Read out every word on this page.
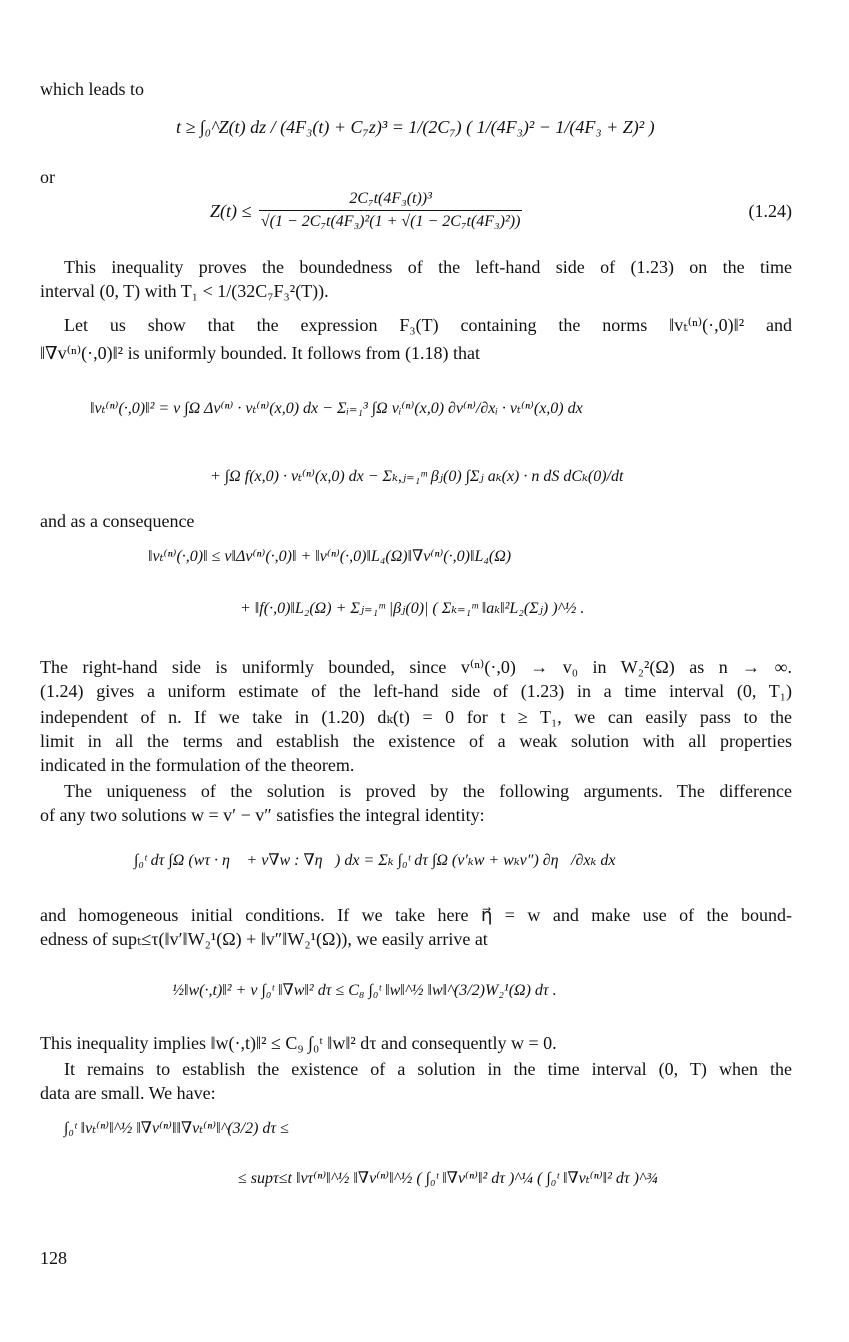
which leads to
t ≥ ∫₀^Z(t) dz / (4F₃(t) + C₇z)³ = 1/(2C₇) ( 1/(4F₃)² − 1/(4F₃ + Z)² )
or
$Z(t) \le \frac{\text{2C₇t(4F₃(t))³}}{\text{√(1 − 2C₇t(4F₃)²(1 + √(1 − 2C₇t(4F₃)²))}}$	(1.24)
This inequality proves the boundedness of the left-hand side of (1.23) on the time
interval (0, T) with T₁ < 1/(32C₇F₃²(T)).
Let us show that the expression F₃(T) containing the norms ‖vₜ⁽ⁿ⁾(·,0)‖² and
‖∇v⁽ⁿ⁾(·,0)‖² is uniformly bounded. It follows from (1.18) that
‖vₜ⁽ⁿ⁾(·,0)‖² = ν ∫Ω Δv⁽ⁿ⁾ · vₜ⁽ⁿ⁾(x,0) dx − Σᵢ₌₁³ ∫Ω vᵢ⁽ⁿ⁾(x,0) ∂v⁽ⁿ⁾/∂xᵢ · vₜ⁽ⁿ⁾(x,0) dx
+ ∫Ω f(x,0) · vₜ⁽ⁿ⁾(x,0) dx − Σₖ,ⱼ₌₁ᵐ βⱼ(0) ∫Σⱼ aₖ(x) · n dS dCₖ(0)/dt
and as a consequence
‖vₜ⁽ⁿ⁾(·,0)‖ ≤ ν‖Δv⁽ⁿ⁾(·,0)‖ + ‖v⁽ⁿ⁾(·,0)‖L₄(Ω)‖∇v⁽ⁿ⁾(·,0)‖L₄(Ω)
+ ‖f(·,0)‖L₂(Ω) + Σⱼ₌₁ᵐ |βⱼ(0)| ( Σₖ₌₁ᵐ ‖aₖ‖²L₂(Σⱼ) )^½ .
The right-hand side is uniformly bounded, since v⁽ⁿ⁾(·,0) → v₀ in W₂²(Ω) as n → ∞.
(1.24) gives a uniform estimate of the left-hand side of (1.23) in a time interval (0, T₁)
independent of n. If we take in (1.20) dₖ(t) = 0 for t ≥ T₁, we can easily pass to the
limit in all the terms and establish the existence of a weak solution with all properties
indicated in the formulation of the theorem.
The uniqueness of the solution is proved by the following arguments. The difference
of any two solutions w = v′ − v″ satisfies the integral identity:
∫₀ᵗ dτ ∫Ω (wτ · η⃗ + ν∇w : ∇η⃗) dx = Σₖ ∫₀ᵗ dτ ∫Ω (v′ₖw + wₖv″) ∂η⃗/∂xₖ dx
and homogeneous initial conditions. If we take here η⃗ = w and make use of the bound-
edness of supₜ≤τ(‖v′‖W₂¹(Ω) + ‖v″‖W₂¹(Ω)), we easily arrive at
½‖w(·,t)‖² + ν ∫₀ᵗ ‖∇w‖² dτ ≤ C₈ ∫₀ᵗ ‖w‖^½ ‖w‖^(3/2)W₂¹(Ω) dτ .
This inequality implies ‖w(·,t)‖² ≤ C₉ ∫₀ᵗ ‖w‖² dτ and consequently w = 0.
It remains to establish the existence of a solution in the time interval (0, T) when the
data are small. We have:
∫₀ᵗ ‖vₜ⁽ⁿ⁾‖^½ ‖∇v⁽ⁿ⁾‖‖∇vₜ⁽ⁿ⁾‖^(3/2) dτ ≤
≤ supτ≤t ‖vτ⁽ⁿ⁾‖^½ ‖∇v⁽ⁿ⁾‖^½ ( ∫₀ᵗ ‖∇v⁽ⁿ⁾‖² dτ )^¼ ( ∫₀ᵗ ‖∇vₜ⁽ⁿ⁾‖² dτ )^¾
128
